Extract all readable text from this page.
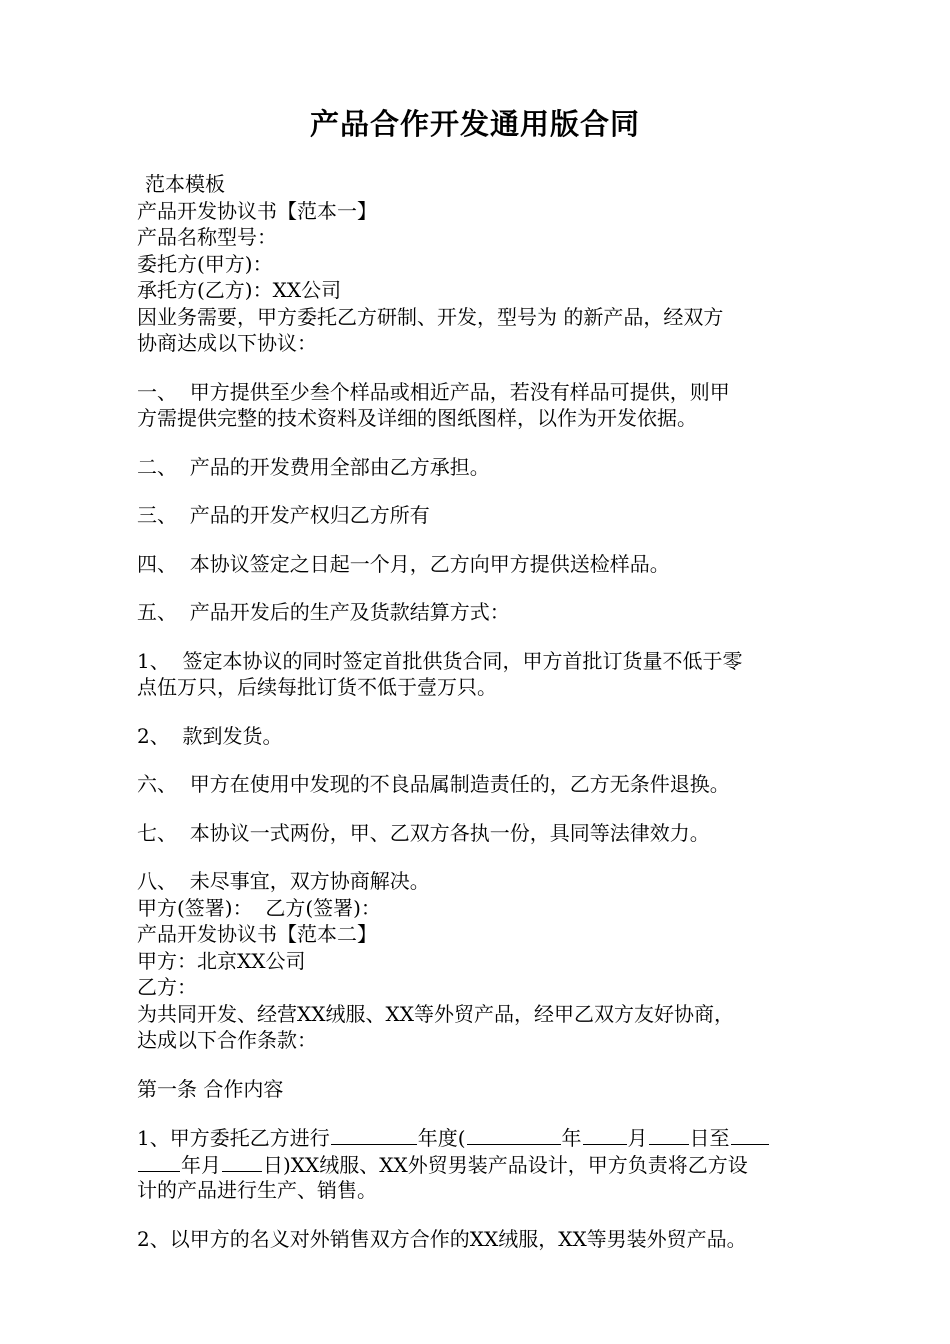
产品合作开发通用版合同
范本模板
产品开发协议书【范本一】
产品名称型号：
委托方(甲方)：
承托方(乙方)：XX公司
因业务需要，甲方委托乙方研制、开发，型号为 的新产品，经双方
协商达成以下协议：
一、  甲方提供至少叁个样品或相近产品，若没有样品可提供，则甲
方需提供完整的技术资料及详细的图纸图样，以作为开发依据。
二、  产品的开发费用全部由乙方承担。
三、  产品的开发产权归乙方所有
四、  本协议签定之日起一个月，乙方向甲方提供送检样品。
五、  产品开发后的生产及货款结算方式：
1、  签定本协议的同时签定首批供货合同，甲方首批订货量不低于零
点伍万只，后续每批订货不低于壹万只。
2、  款到发货。
六、  甲方在使用中发现的不良品属制造责任的，乙方无条件退换。
七、  本协议一式两份，甲、乙双方各执一份，具同等法律效力。
八、  未尽事宜，双方协商解决。
甲方(签署)：  乙方(签署)：
产品开发协议书【范本二】
甲方：北京XX公司
乙方：
为共同开发、经营XX绒服、XX等外贸产品，经甲乙双方友好协商，
达成以下合作条款：
第一条 合作内容
1、甲方委托乙方进行	年度(	年 月 日至
年月 日)XX绒服、XX外贸男装产品设计，甲方负责将乙方设
计的产品进行生产、销售。
2、以甲方的名义对外销售双方合作的XX绒服，XX等男装外贸产品。
